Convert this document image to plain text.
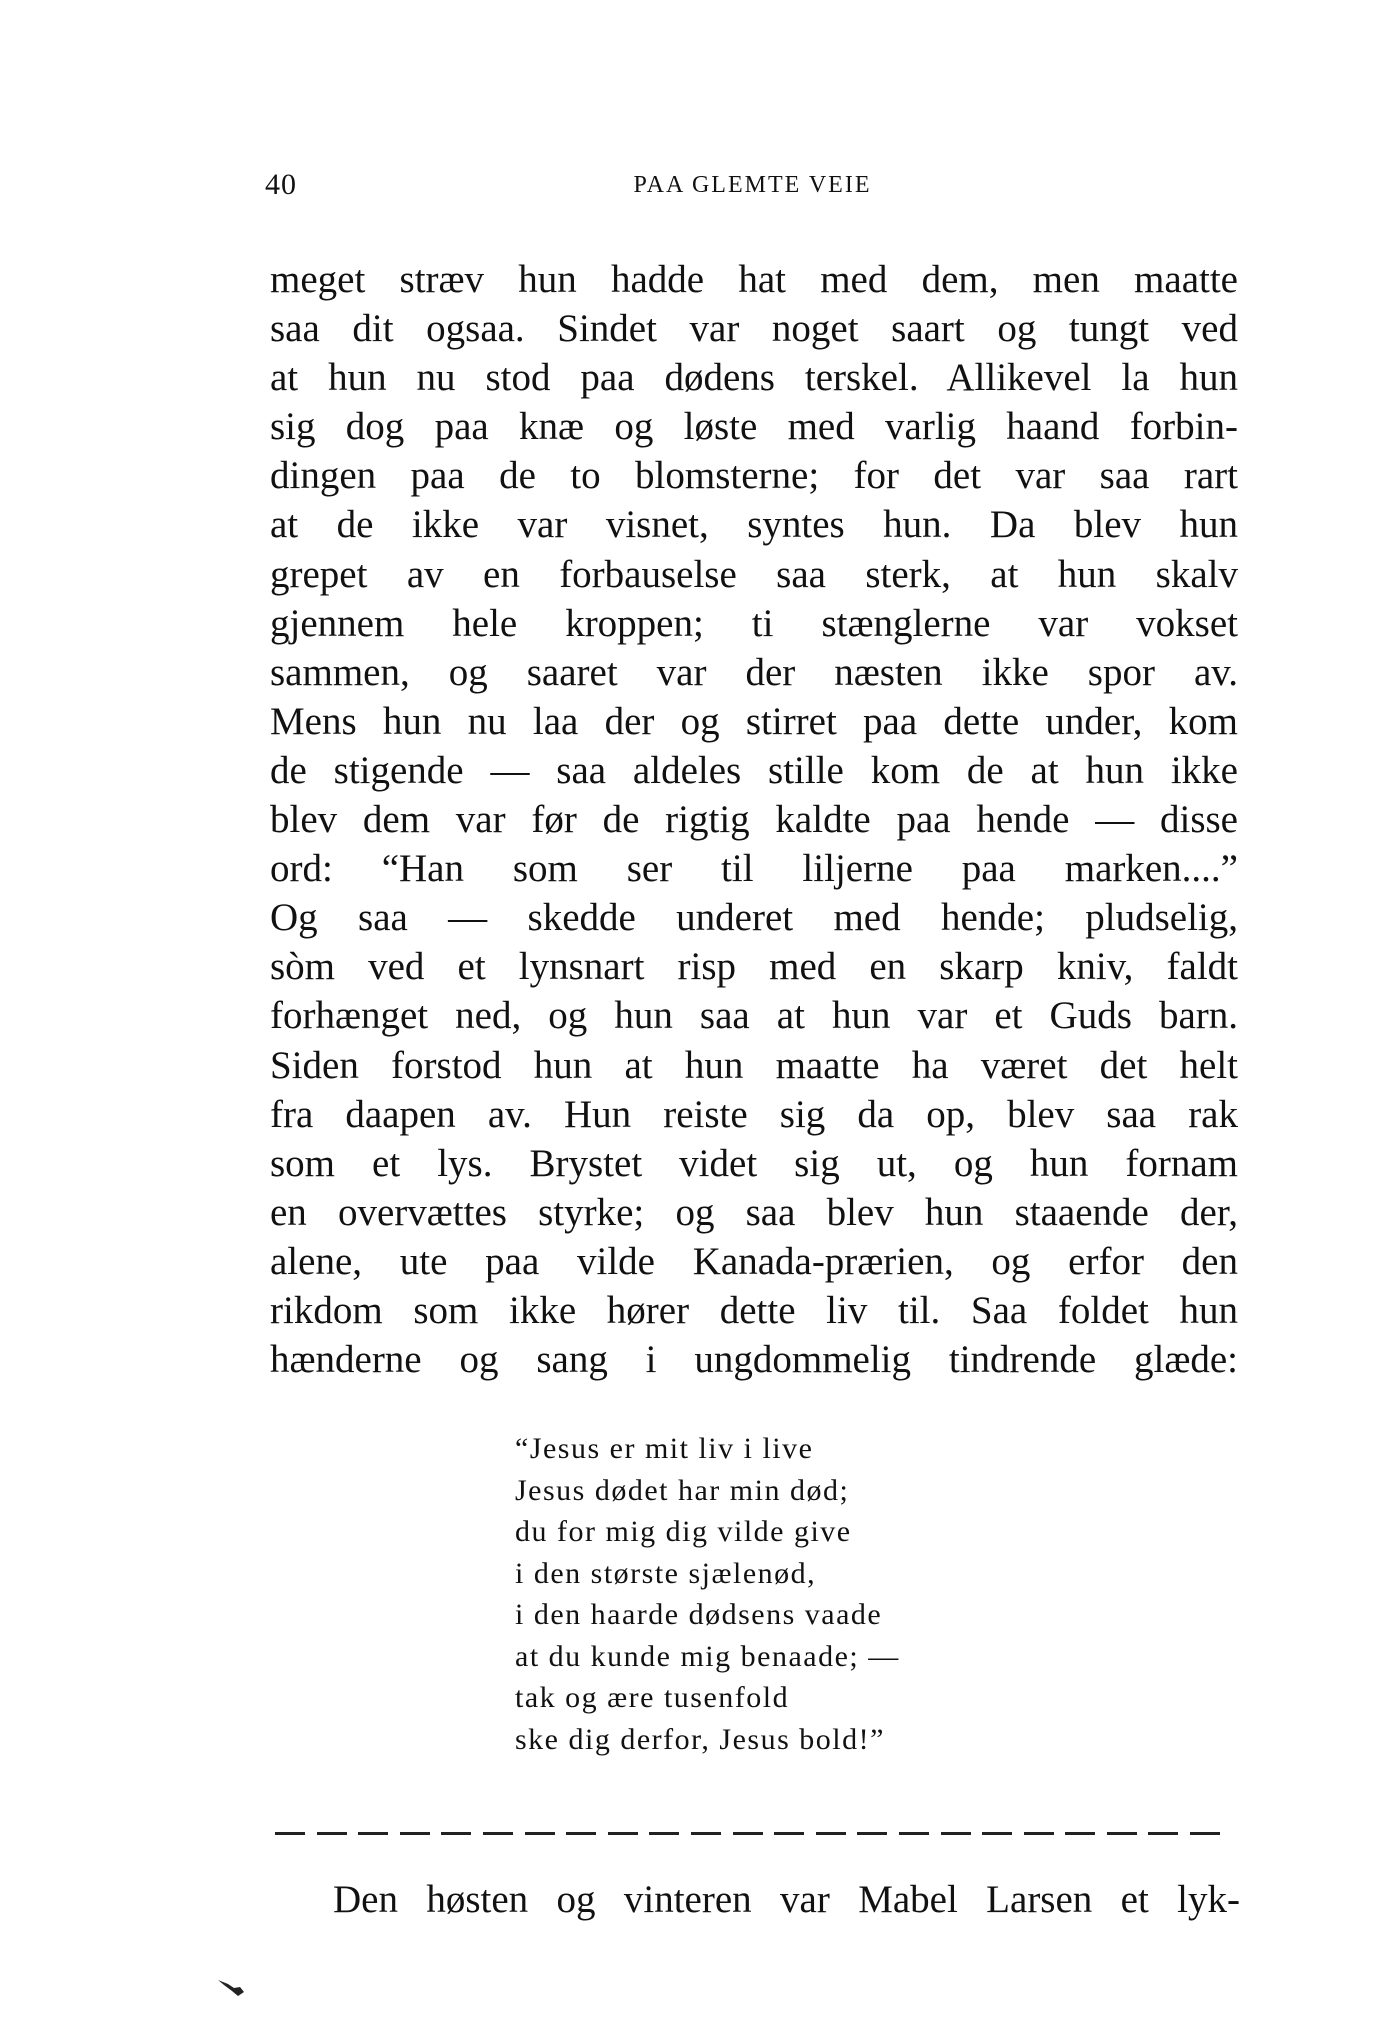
40	PAA GLEMTE VEIE
meget stræv hun hadde hat med dem, men maatte
saa dit ogsaa. Sindet var noget saart og tungt ved
at hun nu stod paa dødens terskel. Allikevel la hun
sig dog paa knæ og løste med varlig haand forbin-
dingen paa de to blomsterne; for det var saa rart
at de ikke var visnet, syntes hun. Da blev hun
grepet av en forbauselse saa sterk, at hun skalv
gjennem hele kroppen; ti stænglerne var vokset
sammen, og saaret var der næsten ikke spor av.
Mens hun nu laa der og stirret paa dette under, kom
de stigende — saa aldeles stille kom de at hun ikke
blev dem var før de rigtig kaldte paa hende — disse
ord: “Han som ser til liljerne paa marken....”
Og saa — skedde underet med hende; pludselig,
sòm ved et lynsnart risp med en skarp kniv, faldt
forhænget ned, og hun saa at hun var et Guds barn.
Siden forstod hun at hun maatte ha været det helt
fra daapen av. Hun reiste sig da op, blev saa rak
som et lys. Brystet videt sig ut, og hun fornam
en overvættes styrke; og saa blev hun staaende der,
alene, ute paa vilde Kanada-prærien, og erfor den
rikdom som ikke hører dette liv til. Saa foldet hun
hænderne og sang i ungdommelig tindrende glæde:
“Jesus er mit liv i live
Jesus dødet har min død;
du for mig dig vilde give
i den største sjælenød,
i den haarde dødsens vaade
at du kunde mig benaade; —
tak og ære tusenfold
ske dig derfor, Jesus bold!”
Den høsten og vinteren var Mabel Larsen et lyk-
